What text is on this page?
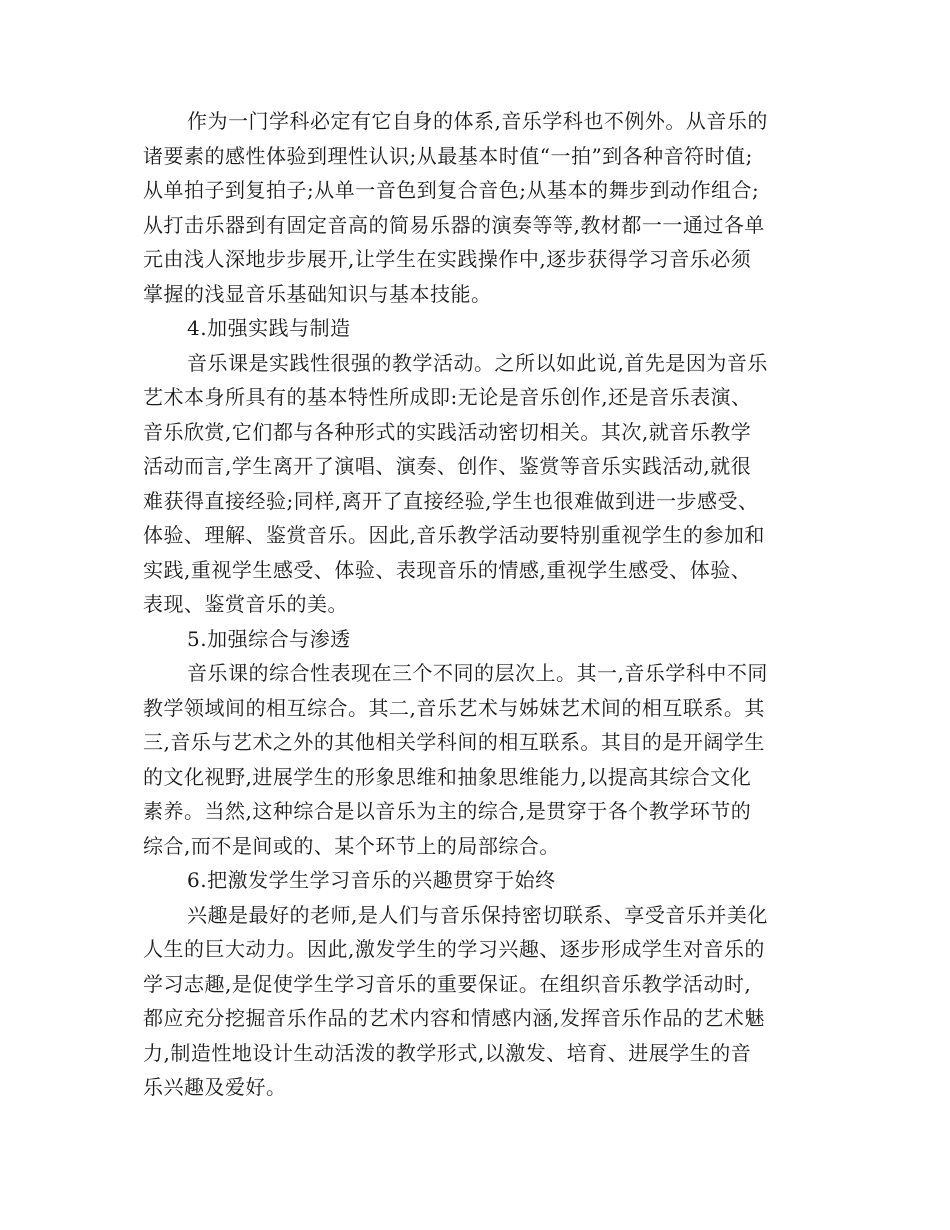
作为一门学科必定有它自身的体系,音乐学科也不例外。从音乐的
诸要素的感性体验到理性认识;从最基本时值“一拍”到各种音符时值;
从单拍子到复拍子;从单一音色到复合音色;从基本的舞步到动作组合;
从打击乐器到有固定音高的简易乐器的演奏等等,教材都一一通过各单
元由浅人深地步步展开,让学生在实践操作中,逐步获得学习音乐必须
掌握的浅显音乐基础知识与基本技能。

4.加强实践与制造

音乐课是实践性很强的教学活动。之所以如此说,首先是因为音乐
艺术本身所具有的基本特性所成即:无论是音乐创作,还是音乐表演、
音乐欣赏,它们都与各种形式的实践活动密切相关。其次,就音乐教学
活动而言,学生离开了演唱、演奏、创作、鉴赏等音乐实践活动,就很
难获得直接经验;同样,离开了直接经验,学生也很难做到进一步感受、
体验、理解、鉴赏音乐。因此,音乐教学活动要特别重视学生的参加和
实践,重视学生感受、体验、表现音乐的情感,重视学生感受、体验、
表现、鉴赏音乐的美。

5.加强综合与渗透

音乐课的综合性表现在三个不同的层次上。其一,音乐学科中不同
教学领域间的相互综合。其二,音乐艺术与姊妹艺术间的相互联系。其
三,音乐与艺术之外的其他相关学科间的相互联系。其目的是开阔学生
的文化视野,进展学生的形象思维和抽象思维能力,以提高其综合文化
素养。当然,这种综合是以音乐为主的综合,是贯穿于各个教学环节的
综合,而不是间或的、某个环节上的局部综合。

6.把激发学生学习音乐的兴趣贯穿于始终

兴趣是最好的老师,是人们与音乐保持密切联系、享受音乐并美化
人生的巨大动力。因此,激发学生的学习兴趣、逐步形成学生对音乐的
学习志趣,是促使学生学习音乐的重要保证。在组织音乐教学活动时,
都应充分挖掘音乐作品的艺术内容和情感内涵,发挥音乐作品的艺术魅
力,制造性地设计生动活泼的教学形式,以激发、培育、进展学生的音
乐兴趣及爱好。
